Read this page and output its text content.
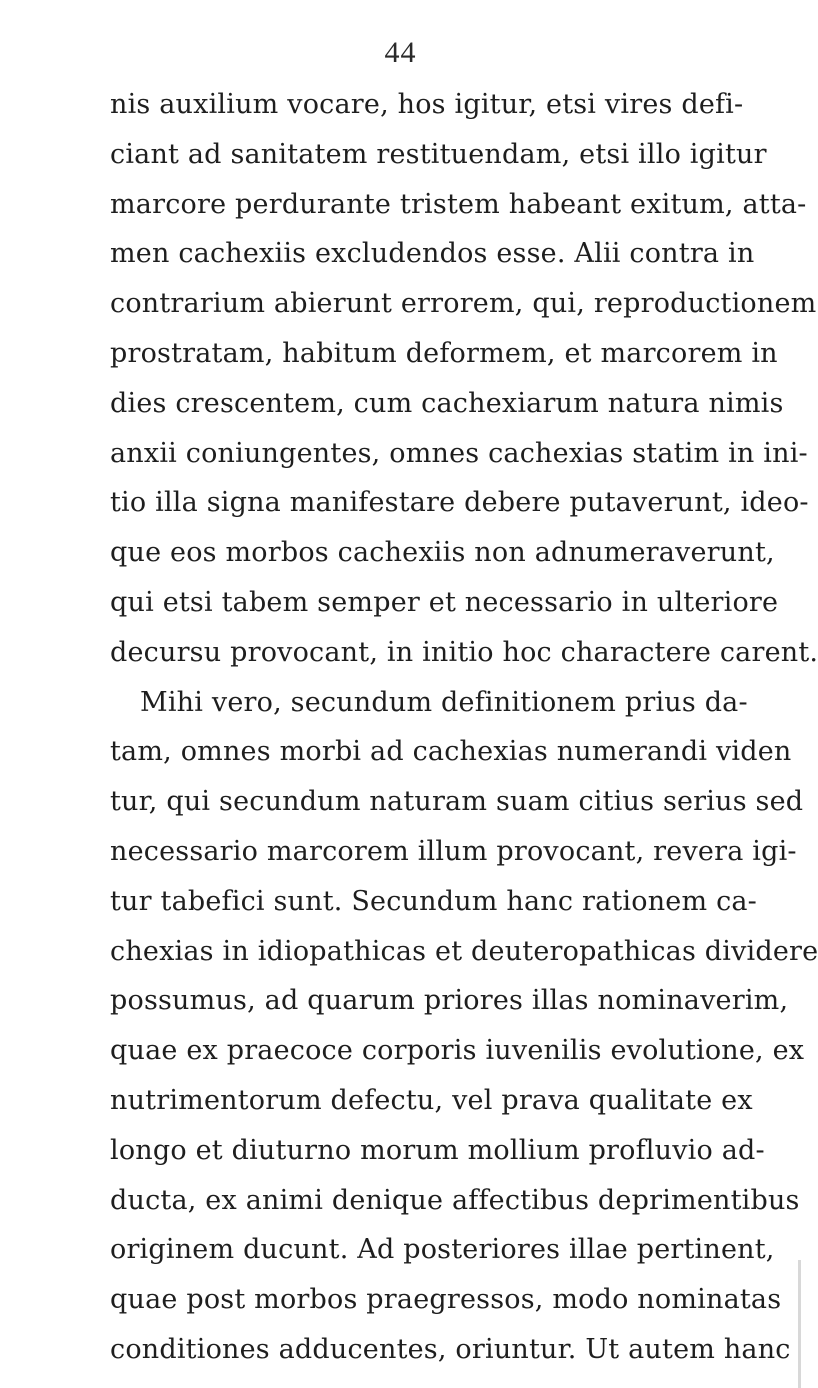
44
nis auxilium vocare, hos igitur, etsi vires defi-
ciant ad sanitatem restituendam, etsi illo igitur
marcore perdurante tristem habeant exitum, atta-
men cachexiis excludendos esse. Alii contra in
contrarium abierunt errorem, qui, reproductionem
prostratam, habitum deformem, et marcorem in
dies crescentem, cum cachexiarum natura nimis
anxii coniungentes, omnes cachexias statim in ini-
tio illa signa manifestare debere putaverunt, ideo-
que eos morbos cachexiis non adnumeraverunt,
qui etsi tabem semper et necessario in ulteriore
decursu provocant, in initio hoc charactere carent.
Mihi vero, secundum definitionem prius da-
tam, omnes morbi ad cachexias numerandi viden
tur, qui secundum naturam suam citius serius sed
necessario marcorem illum provocant, revera igi-
tur tabefici sunt. Secundum hanc rationem ca-
chexias in idiopathicas et deuteropathicas dividere
possumus, ad quarum priores illas nominaverim,
quae ex praecoce corporis iuvenilis evolutione, ex
nutrimentorum defectu, vel prava qualitate ex
longo et diuturno morum mollium profluvio ad-
ducta, ex animi denique affectibus deprimentibus
originem ducunt. Ad posteriores illae pertinent,
quae post morbos praegressos, modo nominatas
conditiones adducentes, oriuntur. Ut autem hanc
